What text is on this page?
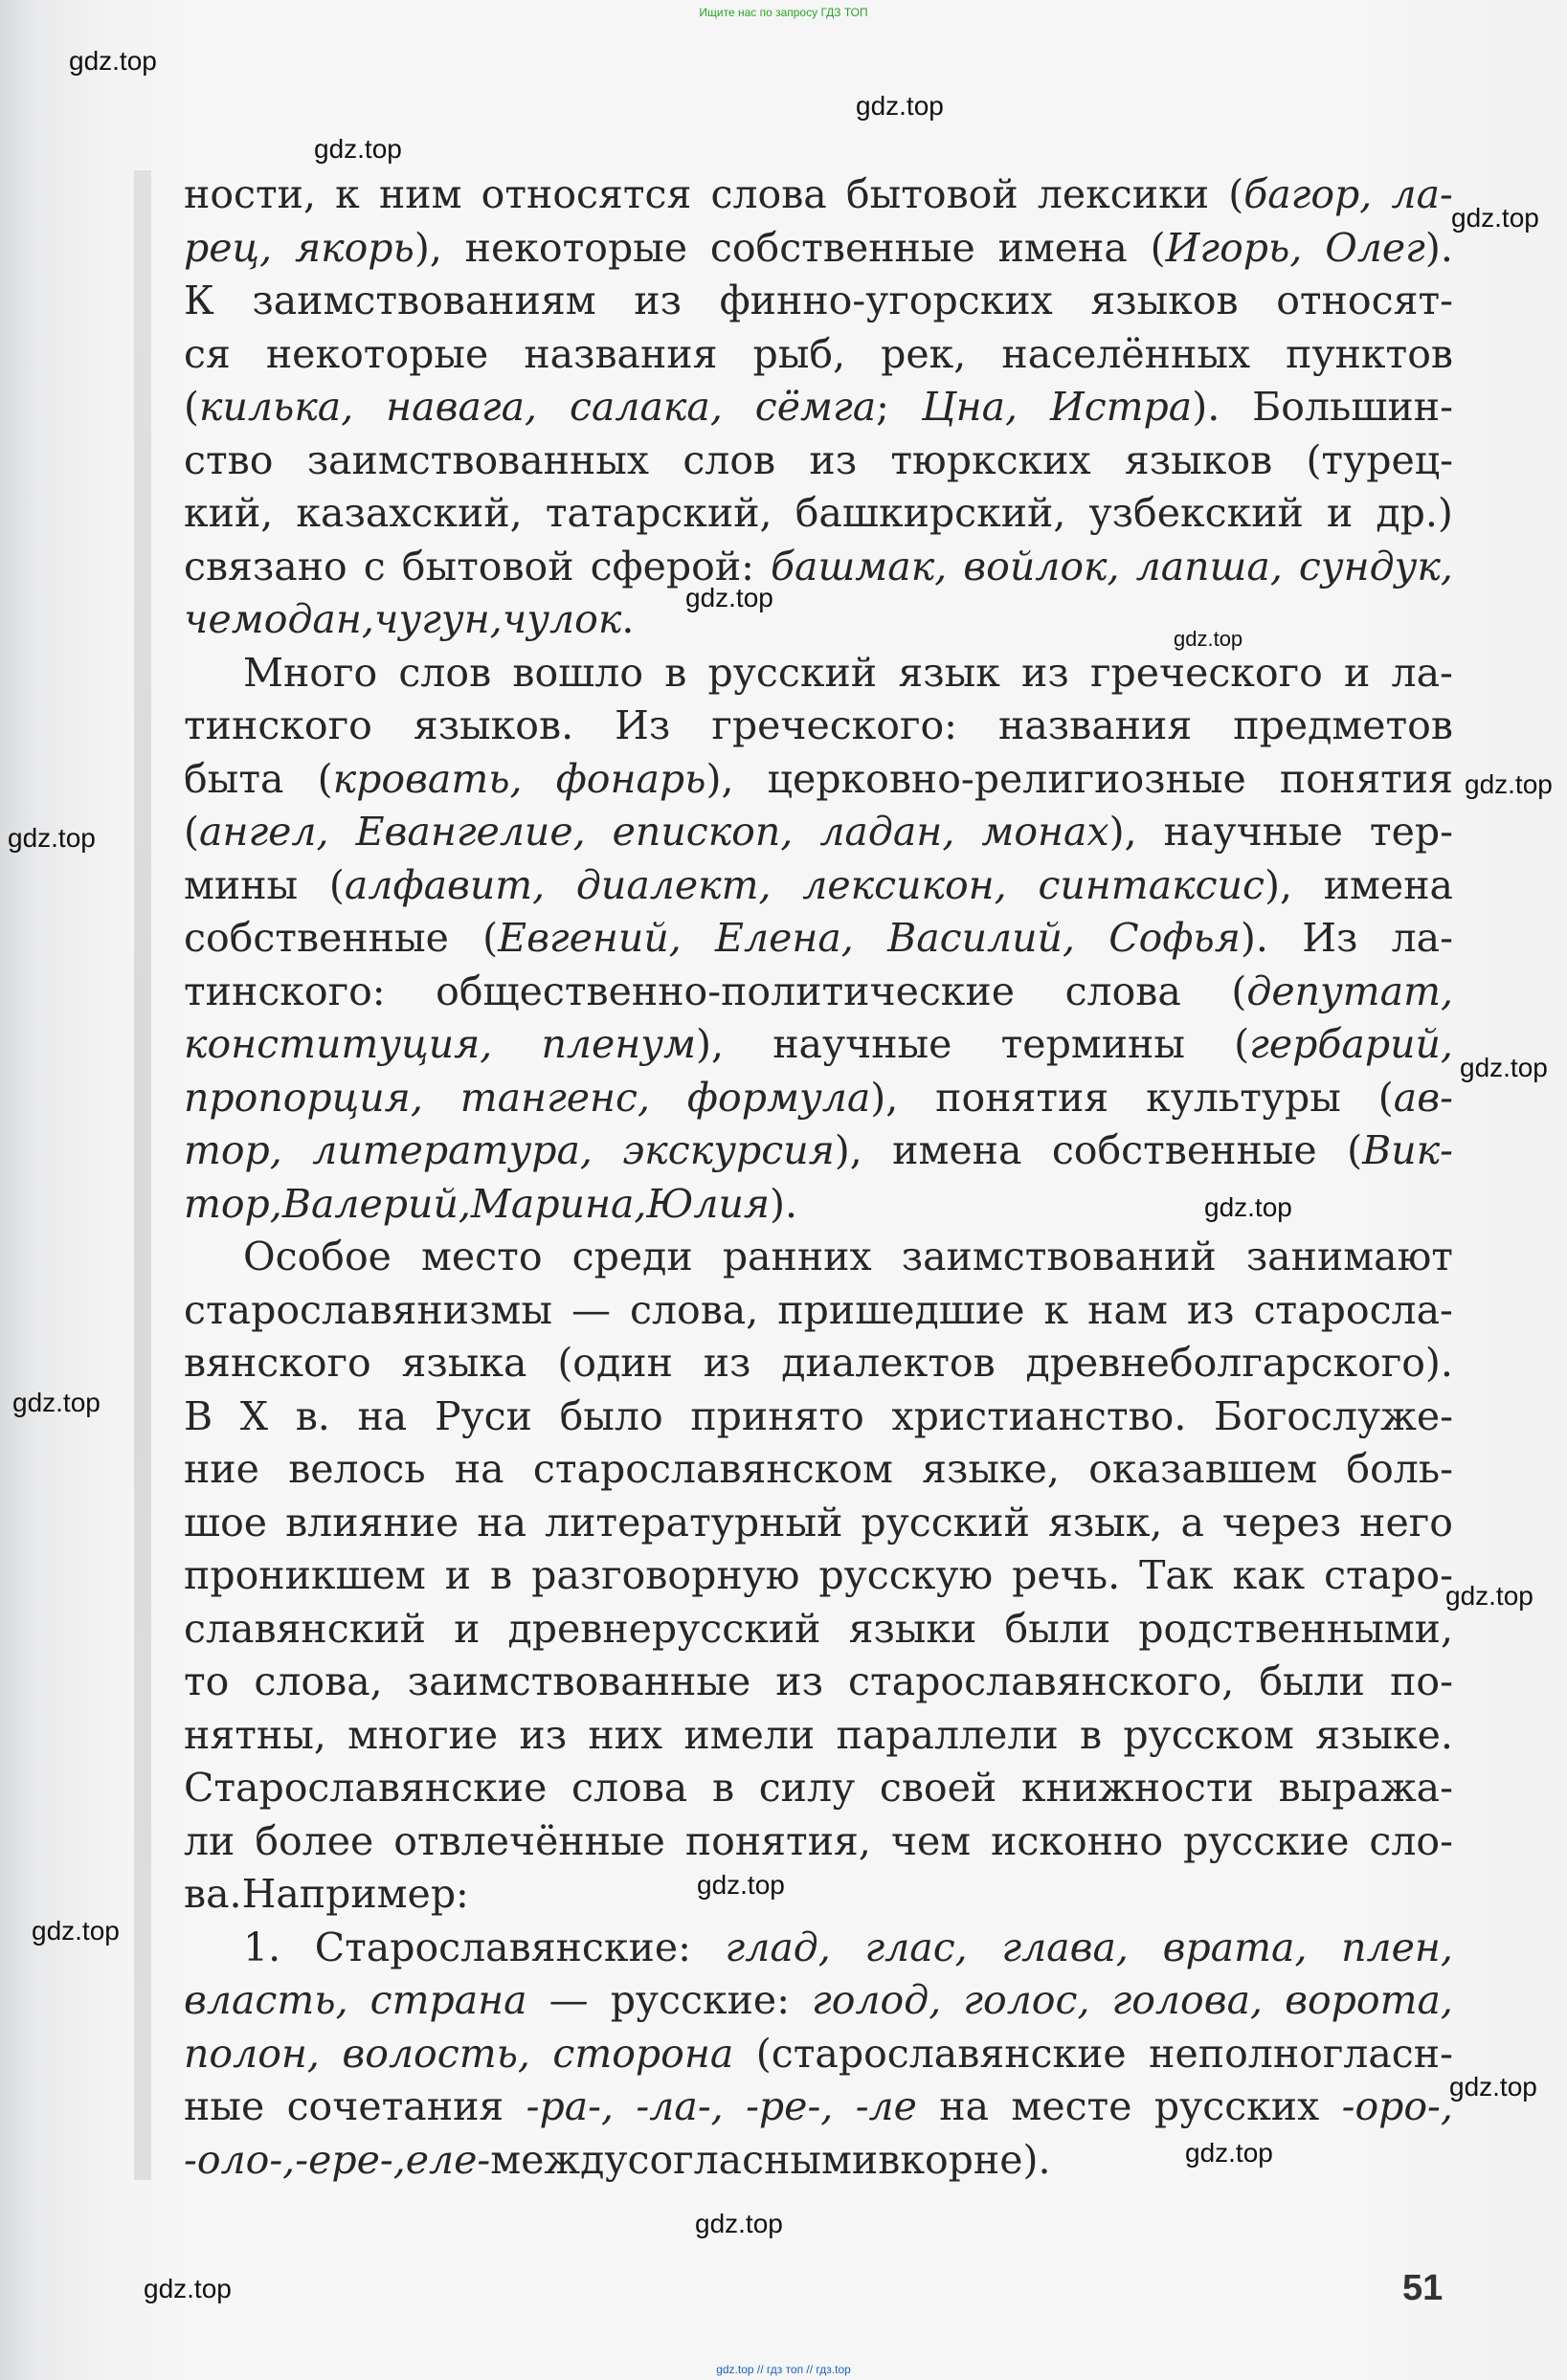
Ищите нас по запросу ГДЗ ТОП
ности, к ним относятся слова бытовой лексики (багор, ла-
рец, якорь), некоторые собственные имена (Игорь, Олег).
К заимствованиям из финно-угорских языков относят-
ся некоторые названия рыб, рек, населённых пунктов
(килька, навага, салака, сёмга; Цна, Истра). Большин-
ство заимствованных слов из тюркских языков (турец-
кий, казахский, татарский, башкирский, узбекский и др.)
связано с бытовой сферой: башмак, войлок, лапша, сундук,
чемодан, чугун, чулок.
Много слов вошло в русский язык из греческого и ла-
тинского языков. Из греческого: названия предметов
быта (кровать, фонарь), церковно-религиозные понятия
(ангел, Евангелие, епископ, ладан, монах), научные тер-
мины (алфавит, диалект, лексикон, синтаксис), имена
собственные (Евгений, Елена, Василий, Софья). Из ла-
тинского: общественно-политические слова (депутат,
конституция, пленум), научные термины (гербарий,
пропорция, тангенс, формула), понятия культуры (ав-
тор, литература, экскурсия), имена собственные (Вик-
тор, Валерий, Марина, Юлия).
Особое место среди ранних заимствований занимают
старославянизмы — слова, пришедшие к нам из старосла-
вянского языка (один из диалектов древнеболгарского).
В X в. на Руси было принято христианство. Богослуже-
ние велось на старославянском языке, оказавшем боль-
шое влияние на литературный русский язык, а через него
проникшем и в разговорную русскую речь. Так как старо-
славянский и древнерусский языки были родственными,
то слова, заимствованные из старославянского, были по-
нятны, многие из них имели параллели в русском языке.
Старославянские слова в силу своей книжности выража-
ли более отвлечённые понятия, чем исконно русские сло-
ва. Например:
1. Старославянские: глад, глас, глава, врата, плен,
власть, страна — русские: голод, голос, голова, ворота,
полон, волость, сторона (старославянские неполногласн-
ные сочетания -ра-, -ла-, -ре-, -ле на месте русских -оро-,
-оло-, -ере-, еле- между согласными в корне).
gdz.top
gdz.top
gdz.top
gdz.top
gdz.top
gdz.top
gdz.top
gdz.top
gdz.top
gdz.top
gdz.top
gdz.top
gdz.top
gdz.top
gdz.top
gdz.top
gdz.top
gdz.top	51
gdz.top // гдз топ // гдз.top
